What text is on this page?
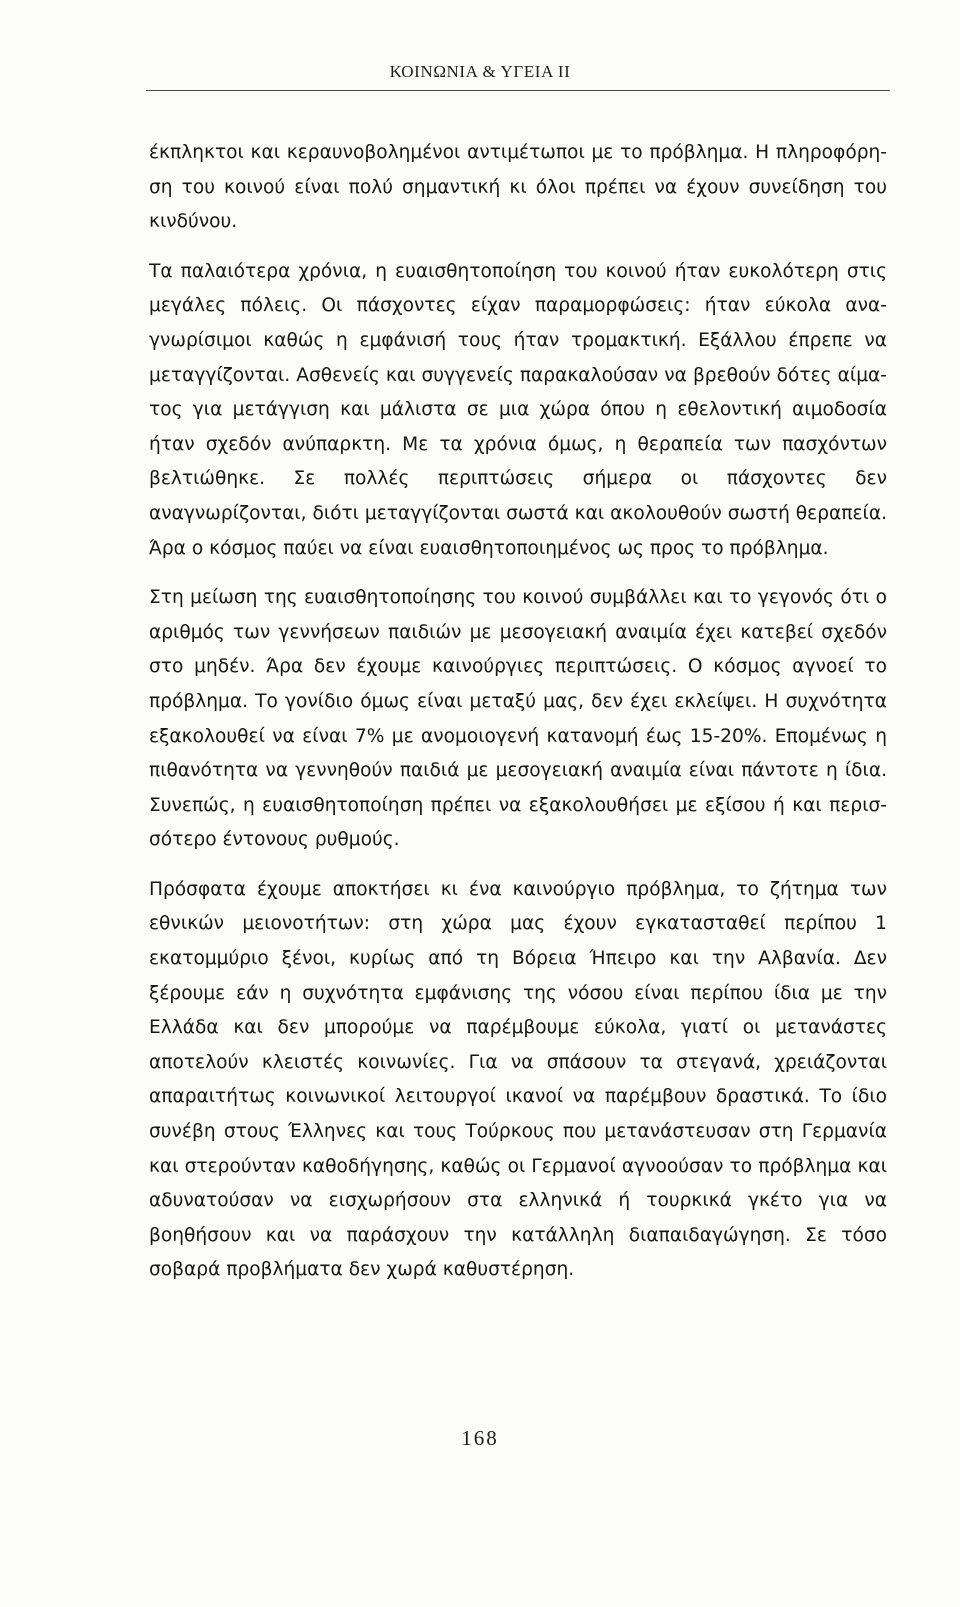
ΚΟΙΝΩΝΙΑ & ΥΓΕΙΑ ΙΙ

έκπληκτοι και κεραυνοβολημένοι αντιμέτωποι με το πρόβλημα. Η πληροφόρηση του κοινού είναι πολύ σημαντική κι όλοι πρέπει να έχουν συνείδηση του κινδύνου.

Τα παλαιότερα χρόνια, η ευαισθητοποίηση του κοινού ήταν ευκολότερη στις μεγάλες πόλεις. Οι πάσχοντες είχαν παραμορφώσεις: ήταν εύκολα αναγνωρίσιμοι καθώς η εμφάνισή τους ήταν τρομακτική. Εξάλλου έπρεπε να μεταγγίζονται. Ασθενείς και συγγενείς παρακαλούσαν να βρεθούν δότες αίματος για μετάγγιση και μάλιστα σε μια χώρα όπου η εθελοντική αιμοδοσία ήταν σχεδόν ανύπαρκτη. Με τα χρόνια όμως, η θεραπεία των πασχόντων βελτιώθηκε. Σε πολλές περιπτώσεις σήμερα οι πάσχοντες δεν αναγνωρίζονται, διότι μεταγγίζονται σωστά και ακολουθούν σωστή θεραπεία. Άρα ο κόσμος παύει να είναι ευαισθητοποιημένος ως προς το πρόβλημα.

Στη μείωση της ευαισθητοποίησης του κοινού συμβάλλει και το γεγονός ότι ο αριθμός των γεννήσεων παιδιών με μεσογειακή αναιμία έχει κατεβεί σχεδόν στο μηδέν. Άρα δεν έχουμε καινούργιες περιπτώσεις. Ο κόσμος αγνοεί το πρόβλημα. Το γονίδιο όμως είναι μεταξύ μας, δεν έχει εκλείψει. Η συχνότητα εξακολουθεί να είναι 7% με ανομοιογενή κατανομή έως 15-20%. Επομένως η πιθανότητα να γεννηθούν παιδιά με μεσογειακή αναιμία είναι πάντοτε η ίδια. Συνεπώς, η ευαισθητοποίηση πρέπει να εξακολουθήσει με εξίσου ή και περισσότερο έντονους ρυθμούς.

Πρόσφατα έχουμε αποκτήσει κι ένα καινούργιο πρόβλημα, το ζήτημα των εθνικών μειονοτήτων: στη χώρα μας έχουν εγκατασταθεί περίπου 1 εκατομμύριο ξένοι, κυρίως από τη Βόρεια Ήπειρο και την Αλβανία. Δεν ξέρουμε εάν η συχνότητα εμφάνισης της νόσου είναι περίπου ίδια με την Ελλάδα και δεν μπορούμε να παρέμβουμε εύκολα, γιατί οι μετανάστες αποτελούν κλειστές κοινωνίες. Για να σπάσουν τα στεγανά, χρειάζονται απαραιτήτως κοινωνικοί λειτουργοί ικανοί να παρέμβουν δραστικά. Το ίδιο συνέβη στους Έλληνες και τους Τούρκους που μετανάστευσαν στη Γερμανία και στερούνταν καθοδήγησης, καθώς οι Γερμανοί αγνοούσαν το πρόβλημα και αδυνατούσαν να εισχωρήσουν στα ελληνικά ή τουρκικά γκέτο για να βοηθήσουν και να παράσχουν την κατάλληλη διαπαιδαγώγηση. Σε τόσο σοβαρά προβλήματα δεν χωρά καθυστέρηση.

168
